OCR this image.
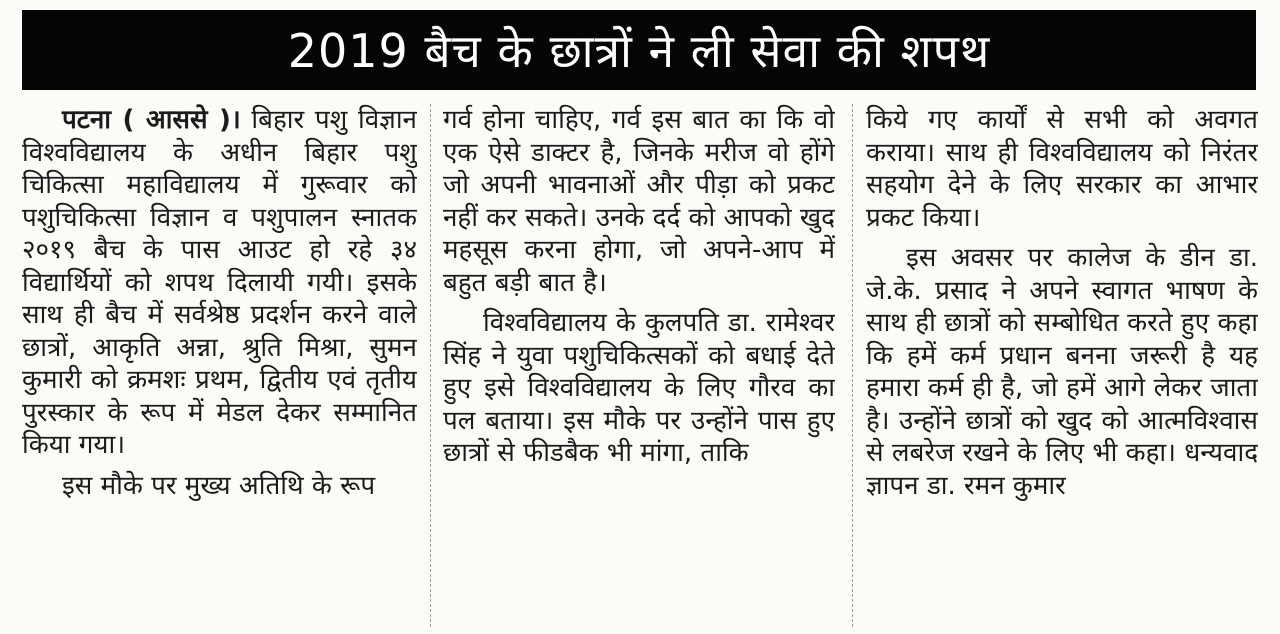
2019 बैच के छात्रों ने ली सेवा की शपथ

पटना ( आससे )। बिहार पशु विज्ञान विश्वविद्यालय के अधीन बिहार पशु चिकित्सा महाविद्यालय में गुरूवार को पशुचिकित्सा विज्ञान व पशुपालन स्नातक २०१९ बैच के पास आउट हो रहे ३४ विद्यार्थियों को शपथ दिलायी गयी। इसके साथ ही बैच में सर्वश्रेष्ठ प्रदर्शन करने वाले छात्रों, आकृति अन्ना, श्रुति मिश्रा, सुमन कुमारी को क्रमशः प्रथम, द्वितीय एवं तृतीय पुरस्कार के रूप में मेडल देकर सम्मानित किया गया।

इस मौके पर मुख्य अतिथि के रूप

गर्व होना चाहिए, गर्व इस बात का कि वो एक ऐसे डाक्टर है, जिनके मरीज वो होंगे जो अपनी भावनाओं और पीड़ा को प्रकट नहीं कर सकते। उनके दर्द को आपको खुद महसूस करना होगा, जो अपने-आप में बहुत बड़ी बात है।

विश्वविद्यालय के कुलपति डा. रामेश्वर सिंह ने युवा पशुचिकित्सकों को बधाई देते हुए इसे विश्वविद्यालय के लिए गौरव का पल बताया। इस मौके पर उन्होंने पास हुए छात्रों से फीडबैक भी मांगा, ताकि

किये गए कार्यों से सभी को अवगत कराया। साथ ही विश्वविद्यालय को निरंतर सहयोग देने के लिए सरकार का आभार प्रकट किया।

इस अवसर पर कालेज के डीन डा. जे.के. प्रसाद ने अपने स्वागत भाषण के साथ ही छात्रों को सम्बोधित करते हुए कहा कि हमें कर्म प्रधान बनना जरूरी है यह हमारा कर्म ही है, जो हमें आगे लेकर जाता है। उन्होंने छात्रों को खुद को आत्मविश्वास से लबरेज रखने के लिए भी कहा। धन्यवाद ज्ञापन डा. रमन कुमार
